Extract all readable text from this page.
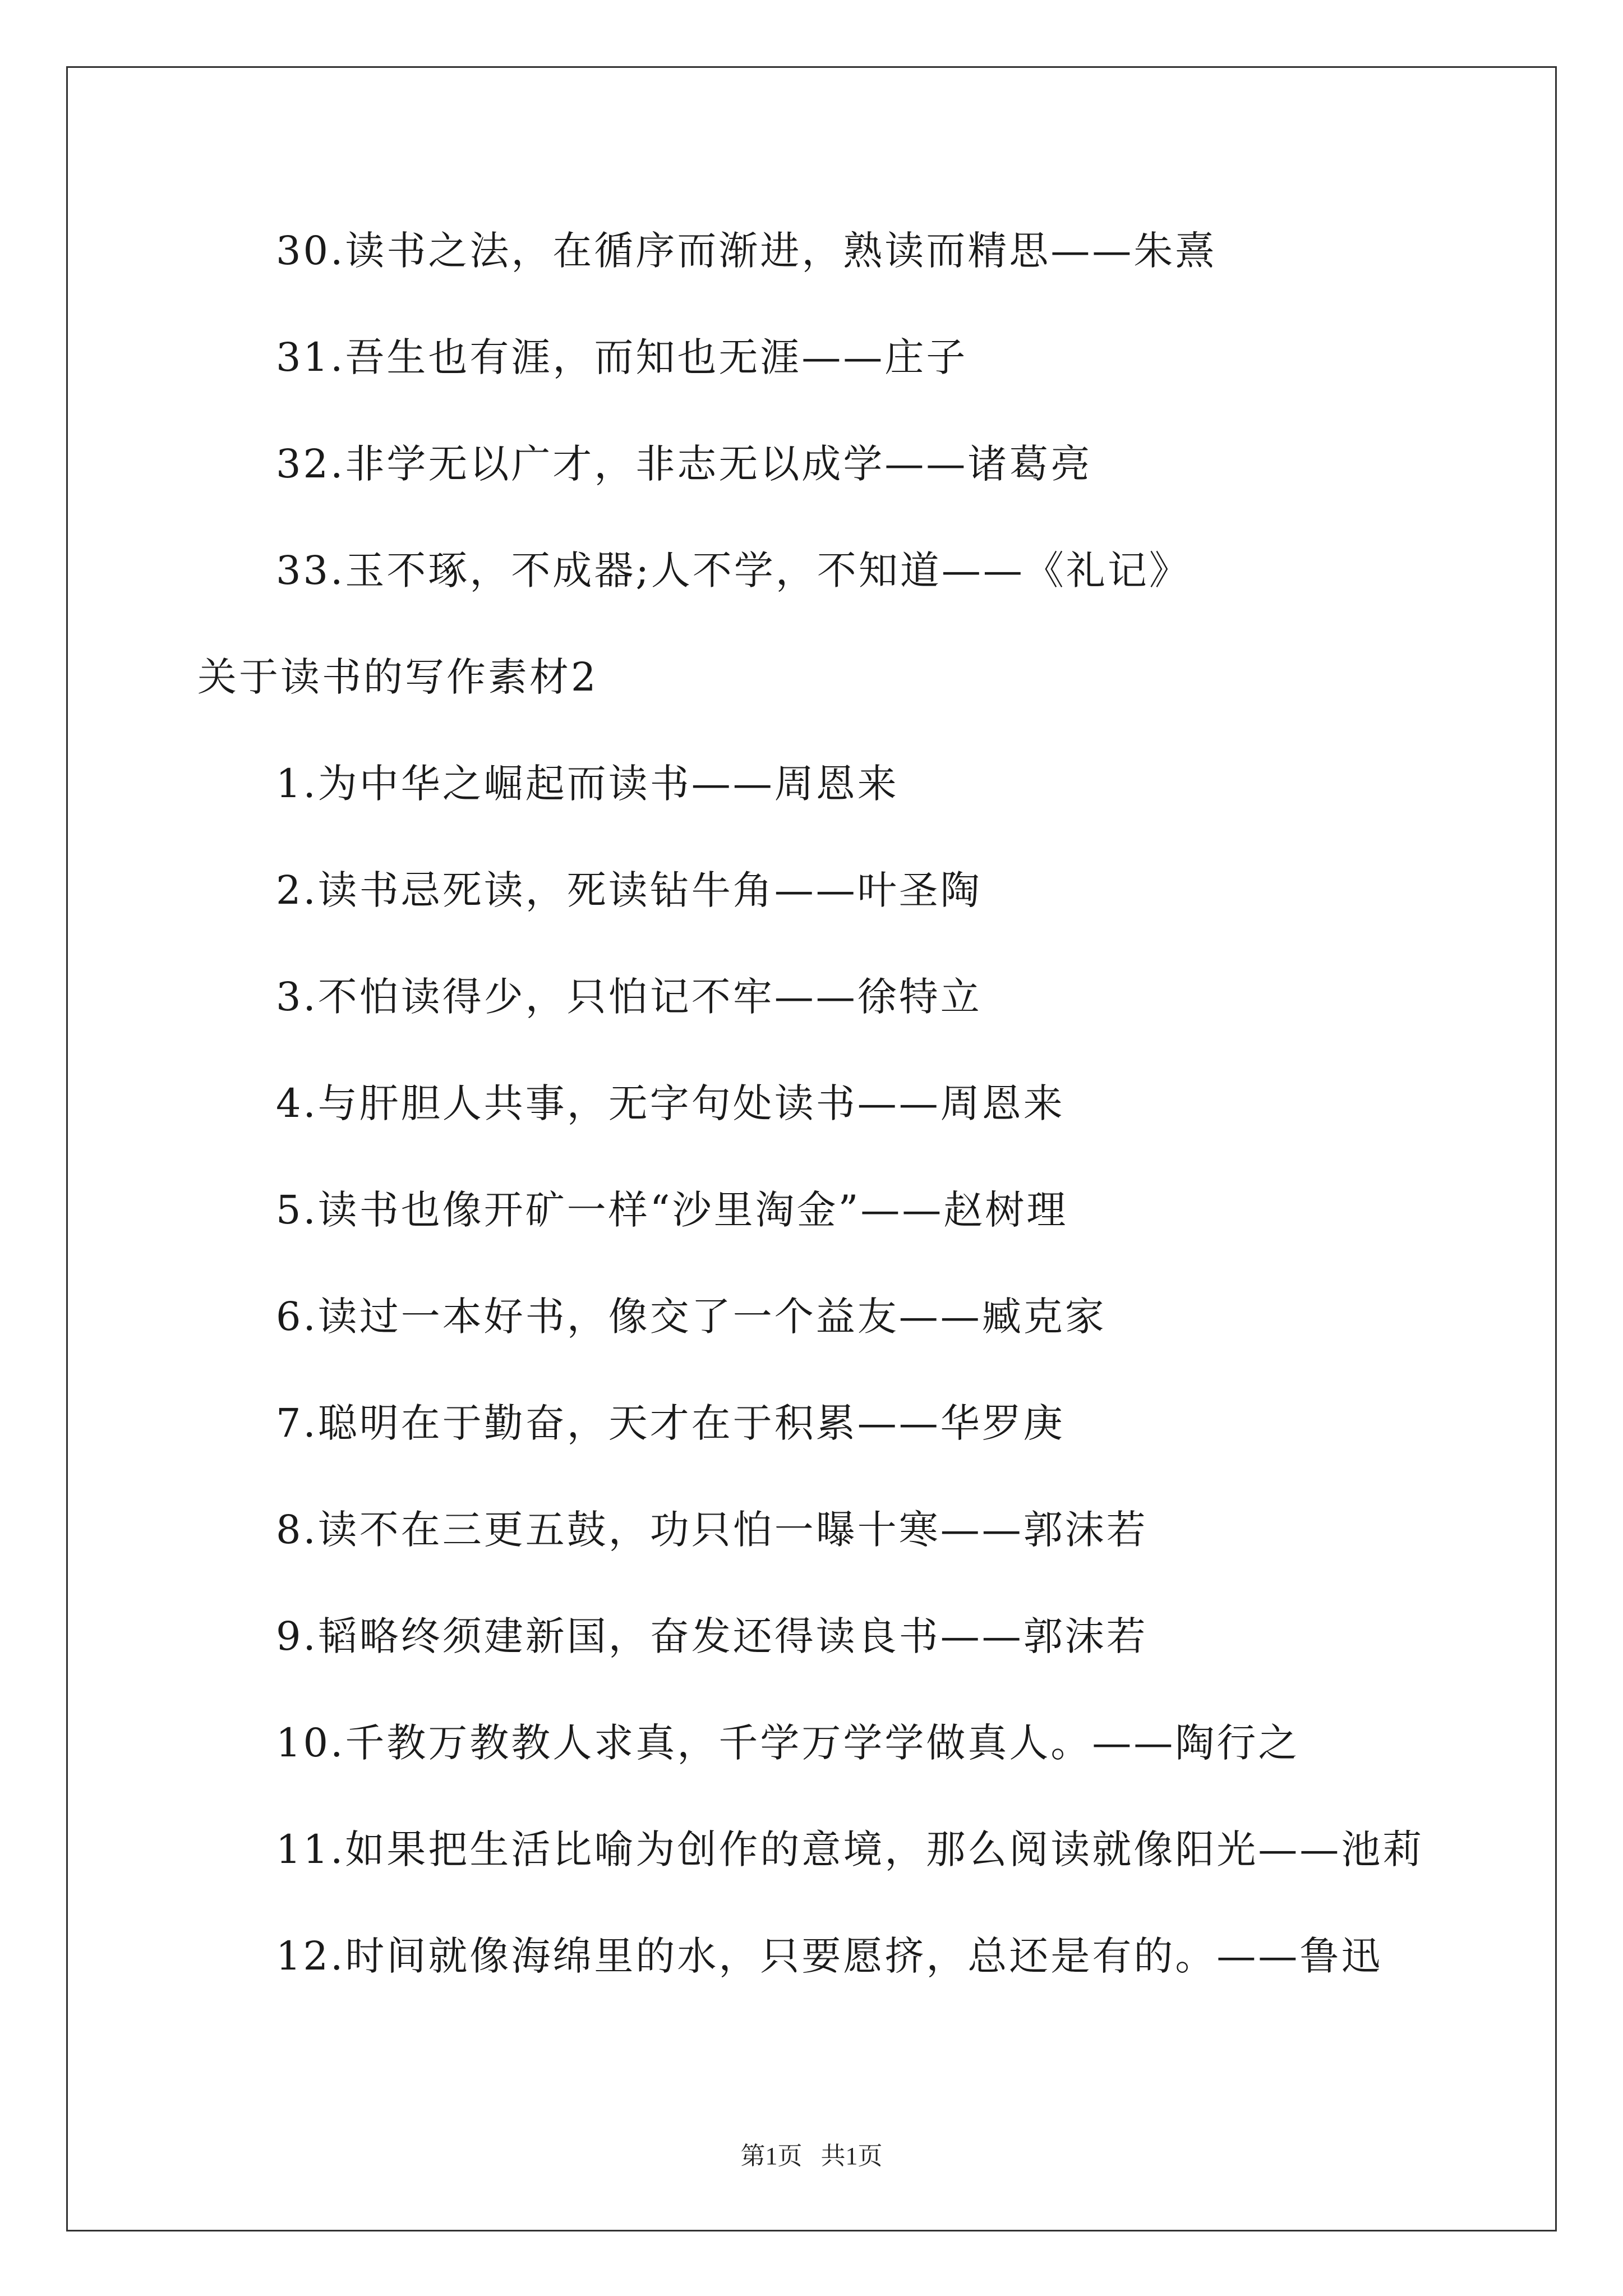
30.读书之法，在循序而渐进，熟读而精思——朱熹
31.吾生也有涯，而知也无涯——庄子
32.非学无以广才，非志无以成学——诸葛亮
33.玉不琢，不成器;人不学，不知道——《礼记》
关于读书的写作素材2
1.为中华之崛起而读书——周恩来
2.读书忌死读，死读钻牛角——叶圣陶
3.不怕读得少，只怕记不牢——徐特立
4.与肝胆人共事，无字句处读书——周恩来
5.读书也像开矿一样“沙里淘金”——赵树理
6.读过一本好书，像交了一个益友——臧克家
7.聪明在于勤奋，天才在于积累——华罗庚
8.读不在三更五鼓，功只怕一曝十寒——郭沫若
9.韬略终须建新国，奋发还得读良书——郭沫若
10.千教万教教人求真，千学万学学做真人。——陶行之
11.如果把生活比喻为创作的意境，那么阅读就像阳光——池莉
12.时间就像海绵里的水，只要愿挤，总还是有的。——鲁迅
第1页   共1页
